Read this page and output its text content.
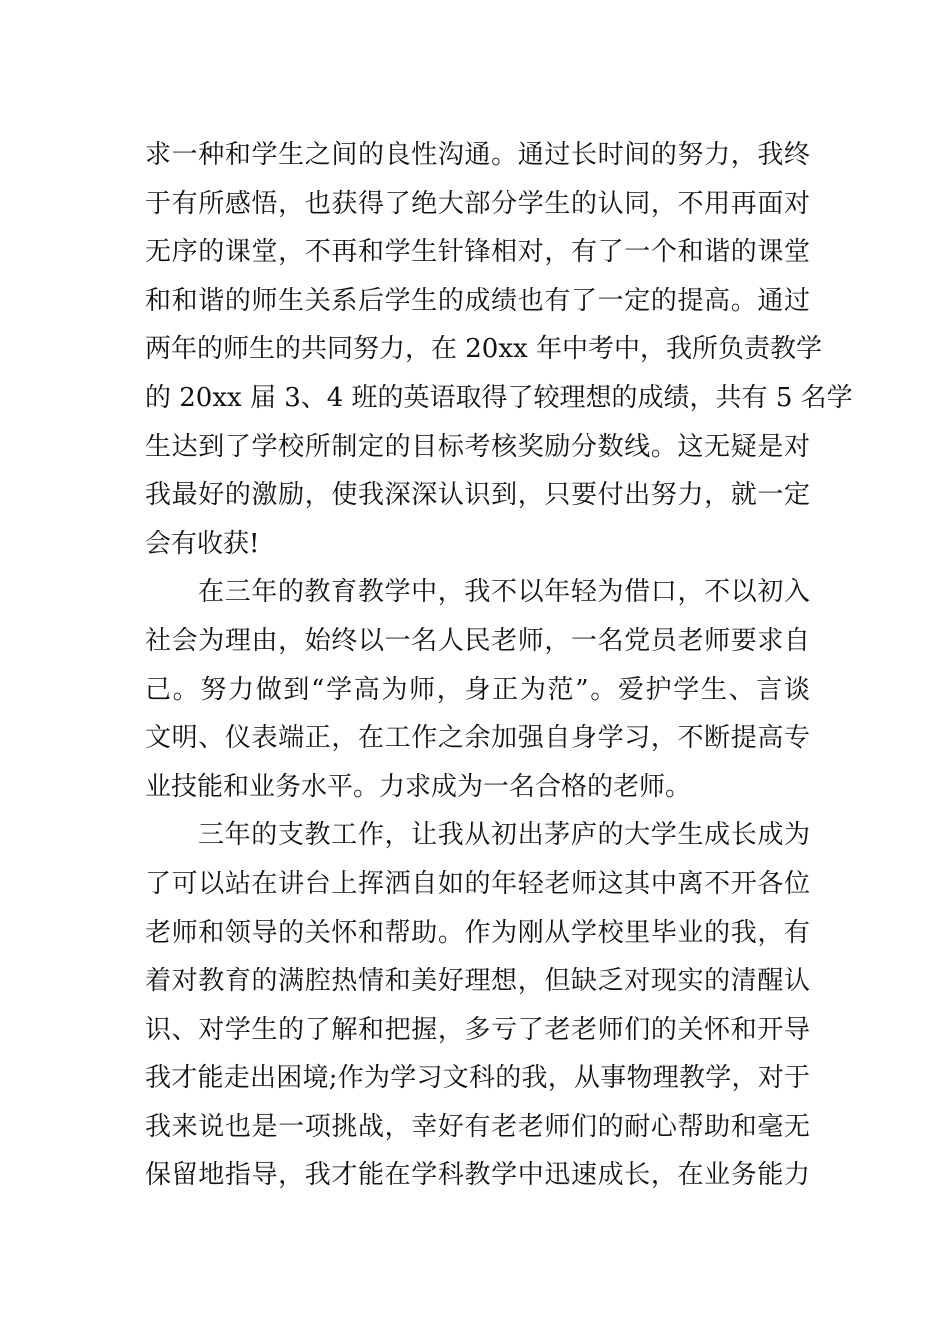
求一种和学生之间的良性沟通。通过长时间的努力，我终
于有所感悟，也获得了绝大部分学生的认同，不用再面对
无序的课堂，不再和学生针锋相对，有了一个和谐的课堂
和和谐的师生关系后学生的成绩也有了一定的提高。通过
两年的师生的共同努力，在 20xx 年中考中，我所负责教学
的 20xx 届 3、4 班的英语取得了较理想的成绩，共有 5 名学
生达到了学校所制定的目标考核奖励分数线。这无疑是对
我最好的激励，使我深深认识到，只要付出努力，就一定
会有收获!
在三年的教育教学中，我不以年轻为借口，不以初入
社会为理由，始终以一名人民老师，一名党员老师要求自
己。努力做到“学高为师，身正为范”。爱护学生、言谈
文明、仪表端正，在工作之余加强自身学习，不断提高专
业技能和业务水平。力求成为一名合格的老师。
三年的支教工作，让我从初出茅庐的大学生成长成为
了可以站在讲台上挥洒自如的年轻老师这其中离不开各位
老师和领导的关怀和帮助。作为刚从学校里毕业的我，有
着对教育的满腔热情和美好理想，但缺乏对现实的清醒认
识、对学生的了解和把握，多亏了老老师们的关怀和开导
我才能走出困境;作为学习文科的我，从事物理教学，对于
我来说也是一项挑战，幸好有老老师们的耐心帮助和毫无
保留地指导，我才能在学科教学中迅速成长，在业务能力
